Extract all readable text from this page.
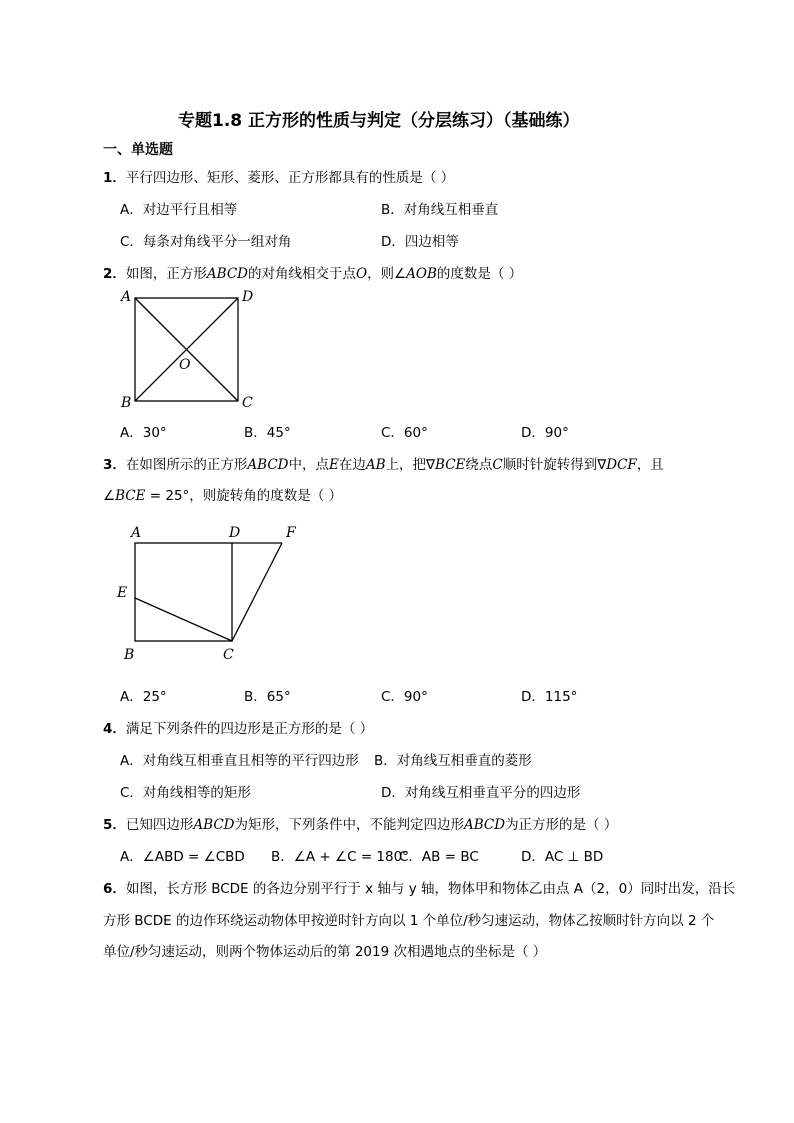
专题1.8 正方形的性质与判定（分层练习）（基础练）
一、单选题
1．平行四边形、矩形、菱形、正方形都具有的性质是（ ）
A．对边平行且相等	B．对角线互相垂直
C．每条对角线平分一组对角	D．四边相等
2．如图，正方形ABCD的对角线相交于点O，则∠AOB的度数是（ ）
A	D
B	C
O
A．30°	B．45°	C．60°	D．90°
3．在如图所示的正方形ABCD中，点E在边AB上，把∇BCE绕点C顺时针旋转得到∇DCF，且
∠BCE = 25°，则旋转角的度数是（ ）
A	D	F
E
B	C
A．25°	B．65°	C．90°	D．115°
4．满足下列条件的四边形是正方形的是（ ）
A．对角线互相垂直且相等的平行四边形 B．对角线互相垂直的菱形
C．对角线相等的矩形	D．对角线互相垂直平分的四边形
5．已知四边形ABCD为矩形，下列条件中，不能判定四边形ABCD为正方形的是（ ）
A．∠ABD = ∠CBD B．∠A + ∠C = 180°
C．AB = BC	D．AC ⊥ BD
6．如图，长方形 BCDE 的各边分别平行于 x 轴与 y 轴，物体甲和物体乙由点 A（2，0）同时出发，沿长
方形 BCDE 的边作环绕运动物体甲按逆时针方向以 1 个单位/秒匀速运动，物体乙按顺时针方向以 2 个
单位/秒匀速运动，则两个物体运动后的第 2019 次相遇地点的坐标是（ ）
